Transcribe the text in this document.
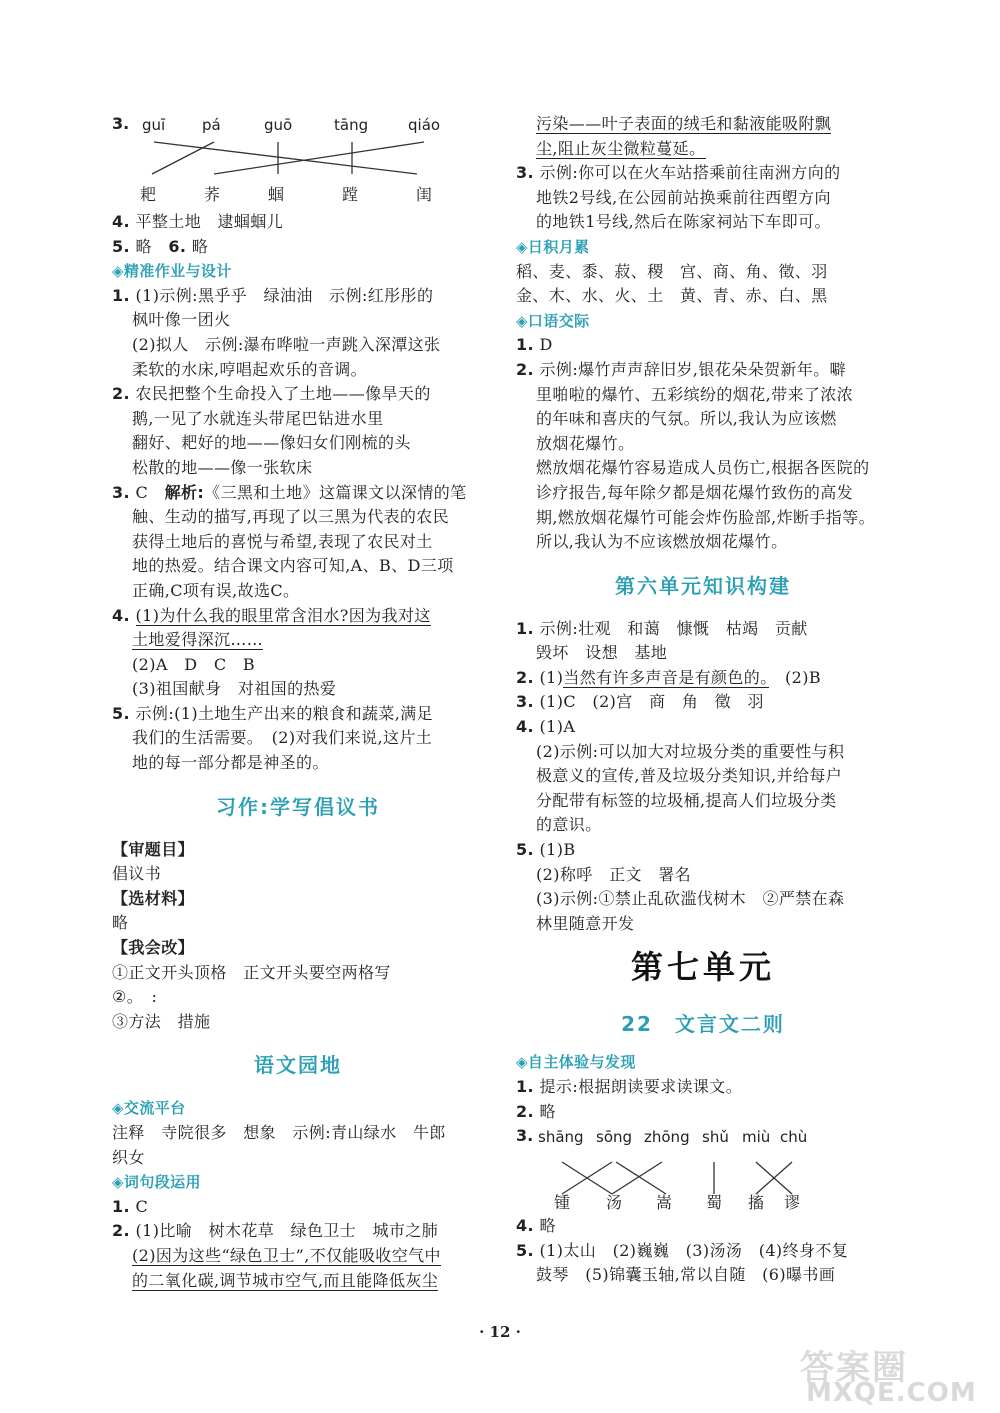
3. guī pá	guō	tāng	qiáo
耙	荞	蝈	蹚	闺
4. 平整土地　逮蝈蝈儿
5. 略　 6. 略
◈精准作业与设计
1. (1)示例:黑乎乎　绿油油　示例:红彤彤的
枫叶像一团火
(2)拟人　示例:瀑布哗啦一声跳入深潭这张
柔软的水床,哼唱起欢乐的音调。
2. 农民把整个生命投入了土地——像旱天的
鹅,一见了水就连头带尾巴钻进水里
翻好、耙好的地——像妇女们刚梳的头
松散的地——像一张软床
3. C　解析:《三黑和土地》这篇课文以深情的笔
触、生动的描写,再现了以三黑为代表的农民
获得土地后的喜悦与希望,表现了农民对土
地的热爱。结合课文内容可知,A、B、D三项
正确,C项有误,故选C。
4. (1)为什么我的眼里常含泪水?因为我对这
土地爱得深沉……
(2)A　D　C　B
(3)祖国献身　对祖国的热爱
5. 示例:(1)土地生产出来的粮食和蔬菜,满足
我们的生活需要。　(2)对我们来说,这片土
地的每一部分都是神圣的。
习作:学写倡议书
【审题目】
倡议书
【选材料】
略
【我会改】
①正文开头顶格　正文开头要空两格写
②。　:
③方法　措施
语文园地
◈交流平台
注释　寺院很多　想象　示例:青山绿水　牛郎
织女
◈词句段运用
1. C
2. (1)比喻　树木花草　绿色卫士　城市之肺
(2)因为这些“绿色卫士”,不仅能吸收空气中
的二氧化碳,调节城市空气,而且能降低灰尘
污染——叶子表面的绒毛和黏液能吸附飘
尘,阻止灰尘微粒蔓延。
3. 示例:你可以在火车站搭乘前往南洲方向的
地铁2号线,在公园前站换乘前往西塱方向
的地铁1号线,然后在陈家祠站下车即可。
◈日积月累
稻、麦、黍、菽、稷　宫、商、角、徵、羽
金、木、水、火、土　黄、青、赤、白、黑
◈口语交际
1. D
2. 示例:爆竹声声辞旧岁,银花朵朵贺新年。噼
里啪啦的爆竹、五彩缤纷的烟花,带来了浓浓
的年味和喜庆的气氛。所以,我认为应该燃
放烟花爆竹。
燃放烟花爆竹容易造成人员伤亡,根据各医院的
诊疗报告,每年除夕都是烟花爆竹致伤的高发
期,燃放烟花爆竹可能会炸伤脸部,炸断手指等。
所以,我认为不应该燃放烟花爆竹。
第六单元知识构建
1. 示例:壮观　和蔼　慷慨　枯竭　贡献
毁坏　设想　基地
2. (1)当然有许多声音是有颜色的。　(2)B
3. (1)C　(2)宫　商　角　徵　羽
4. (1)A
(2)示例:可以加大对垃圾分类的重要性与积
极意义的宣传,普及垃圾分类知识,并给每户
分配带有标签的垃圾桶,提高人们垃圾分类
的意识。
5. (1)B
(2)称呼　正文　署名
(3)示例:①禁止乱砍滥伐树木　②严禁在森
林里随意开发
第七单元
22　文言文二则
◈自主体验与发现
1. 提示:根据朗读要求读课文。
2. 略
3. shāng sōng zhōng shǔ miù chù
锺 汤 嵩 蜀 搐 谬
4. 略
5. (1)太山　(2)巍巍　(3)汤汤　(4)终身不复
鼓琴　(5)锦囊玉轴,常以自随　(6)曝书画
· 12 ·
答案圈
MXQE.COM
